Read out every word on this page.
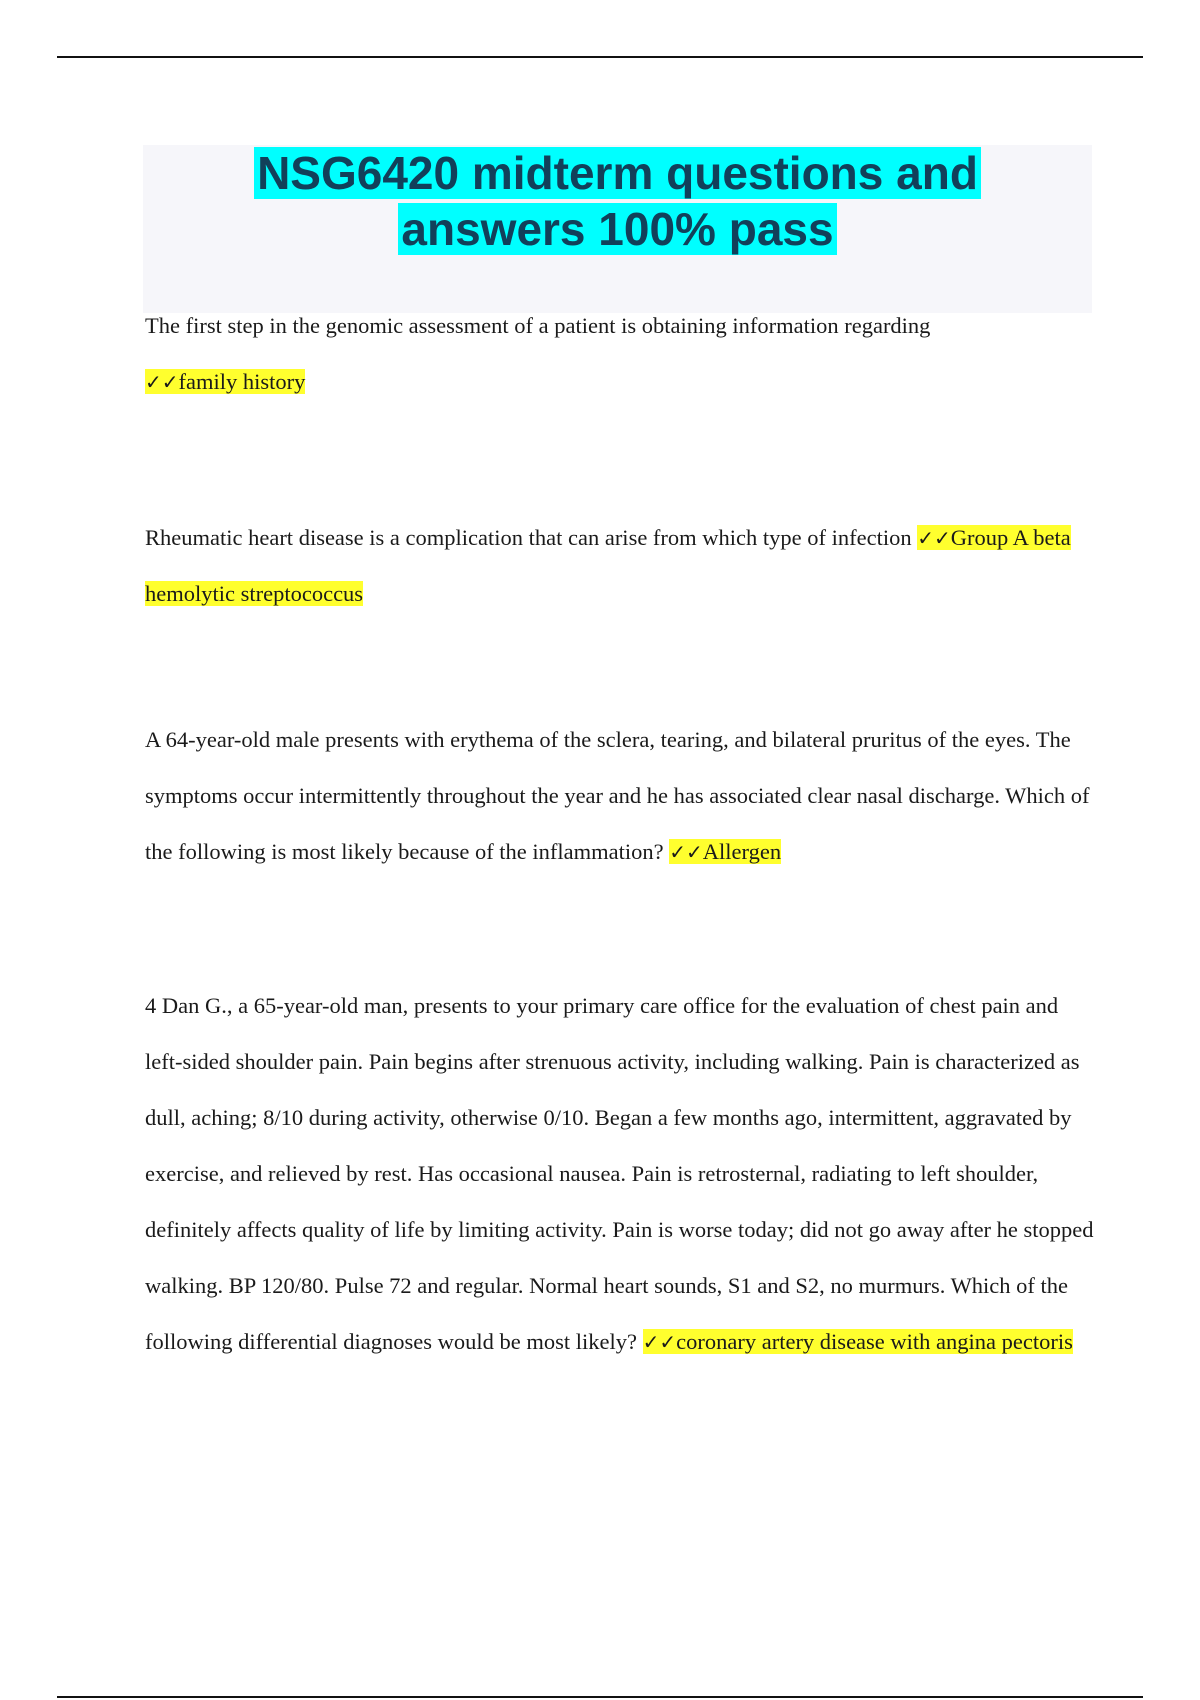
NSG6420 midterm questions and
answers 100% pass

The first step in the genomic assessment of a patient is obtaining information regarding
✓✓family history

Rheumatic heart disease is a complication that can arise from which type of infection ✓✓Group A beta hemolytic streptococcus

A 64-year-old male presents with erythema of the sclera, tearing, and bilateral pruritus of the eyes. The symptoms occur intermittently throughout the year and he has associated clear nasal discharge. Which of the following is most likely because of the inflammation? ✓✓Allergen

4 Dan G., a 65-year-old man, presents to your primary care office for the evaluation of chest pain and left-sided shoulder pain. Pain begins after strenuous activity, including walking. Pain is characterized as dull, aching; 8/10 during activity, otherwise 0/10. Began a few months ago, intermittent, aggravated by exercise, and relieved by rest. Has occasional nausea. Pain is retrosternal, radiating to left shoulder, definitely affects quality of life by limiting activity. Pain is worse today; did not go away after he stopped walking. BP 120/80. Pulse 72 and regular. Normal heart sounds, S1 and S2, no murmurs. Which of the following differential diagnoses would be most likely? ✓✓coronary artery disease with angina pectoris
